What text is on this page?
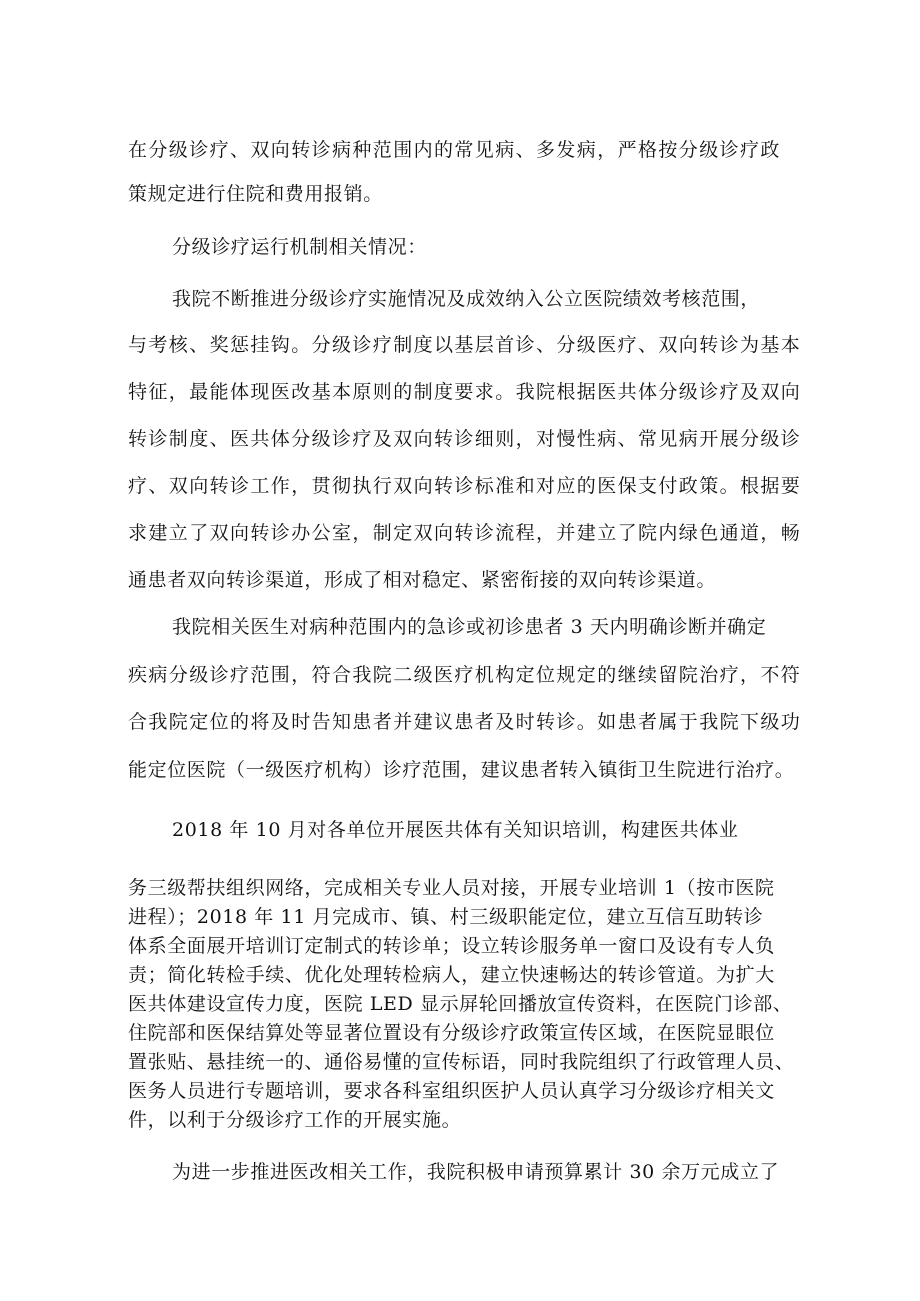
在分级诊疗、双向转诊病种范围内的常见病、多发病，严格按分级诊疗政
策规定进行住院和费用报销。
分级诊疗运行机制相关情况：
我院不断推进分级诊疗实施情况及成效纳入公立医院绩效考核范围，
与考核、奖惩挂钩。分级诊疗制度以基层首诊、分级医疗、双向转诊为基本
特征，最能体现医改基本原则的制度要求。我院根据医共体分级诊疗及双向
转诊制度、医共体分级诊疗及双向转诊细则，对慢性病、常见病开展分级诊
疗、双向转诊工作，贯彻执行双向转诊标准和对应的医保支付政策。根据要
求建立了双向转诊办公室，制定双向转诊流程，并建立了院内绿色通道，畅
通患者双向转诊渠道，形成了相对稳定、紧密衔接的双向转诊渠道。
我院相关医生对病种范围内的急诊或初诊患者 3 天内明确诊断并确定
疾病分级诊疗范围，符合我院二级医疗机构定位规定的继续留院治疗，不符
合我院定位的将及时告知患者并建议患者及时转诊。如患者属于我院下级功
能定位医院（一级医疗机构）诊疗范围，建议患者转入镇街卫生院进行治疗。
2018 年 10 月对各单位开展医共体有关知识培训，构建医共体业
务三级帮扶组织网络，完成相关专业人员对接，开展专业培训 1（按市医院
进程）；2018 年 11 月完成市、镇、村三级职能定位，建立互信互助转诊
体系全面展开培训订定制式的转诊单；设立转诊服务单一窗口及设有专人负
责；简化转检手续、优化处理转检病人，建立快速畅达的转诊管道。为扩大
医共体建设宣传力度，医院 LED 显示屏轮回播放宣传资料，在医院门诊部、
住院部和医保结算处等显著位置设有分级诊疗政策宣传区域，在医院显眼位
置张贴、悬挂统一的、通俗易懂的宣传标语，同时我院组织了行政管理人员、
医务人员进行专题培训，要求各科室组织医护人员认真学习分级诊疗相关文
件，以利于分级诊疗工作的开展实施。
为进一步推进医改相关工作，我院积极申请预算累计 30 余万元成立了
